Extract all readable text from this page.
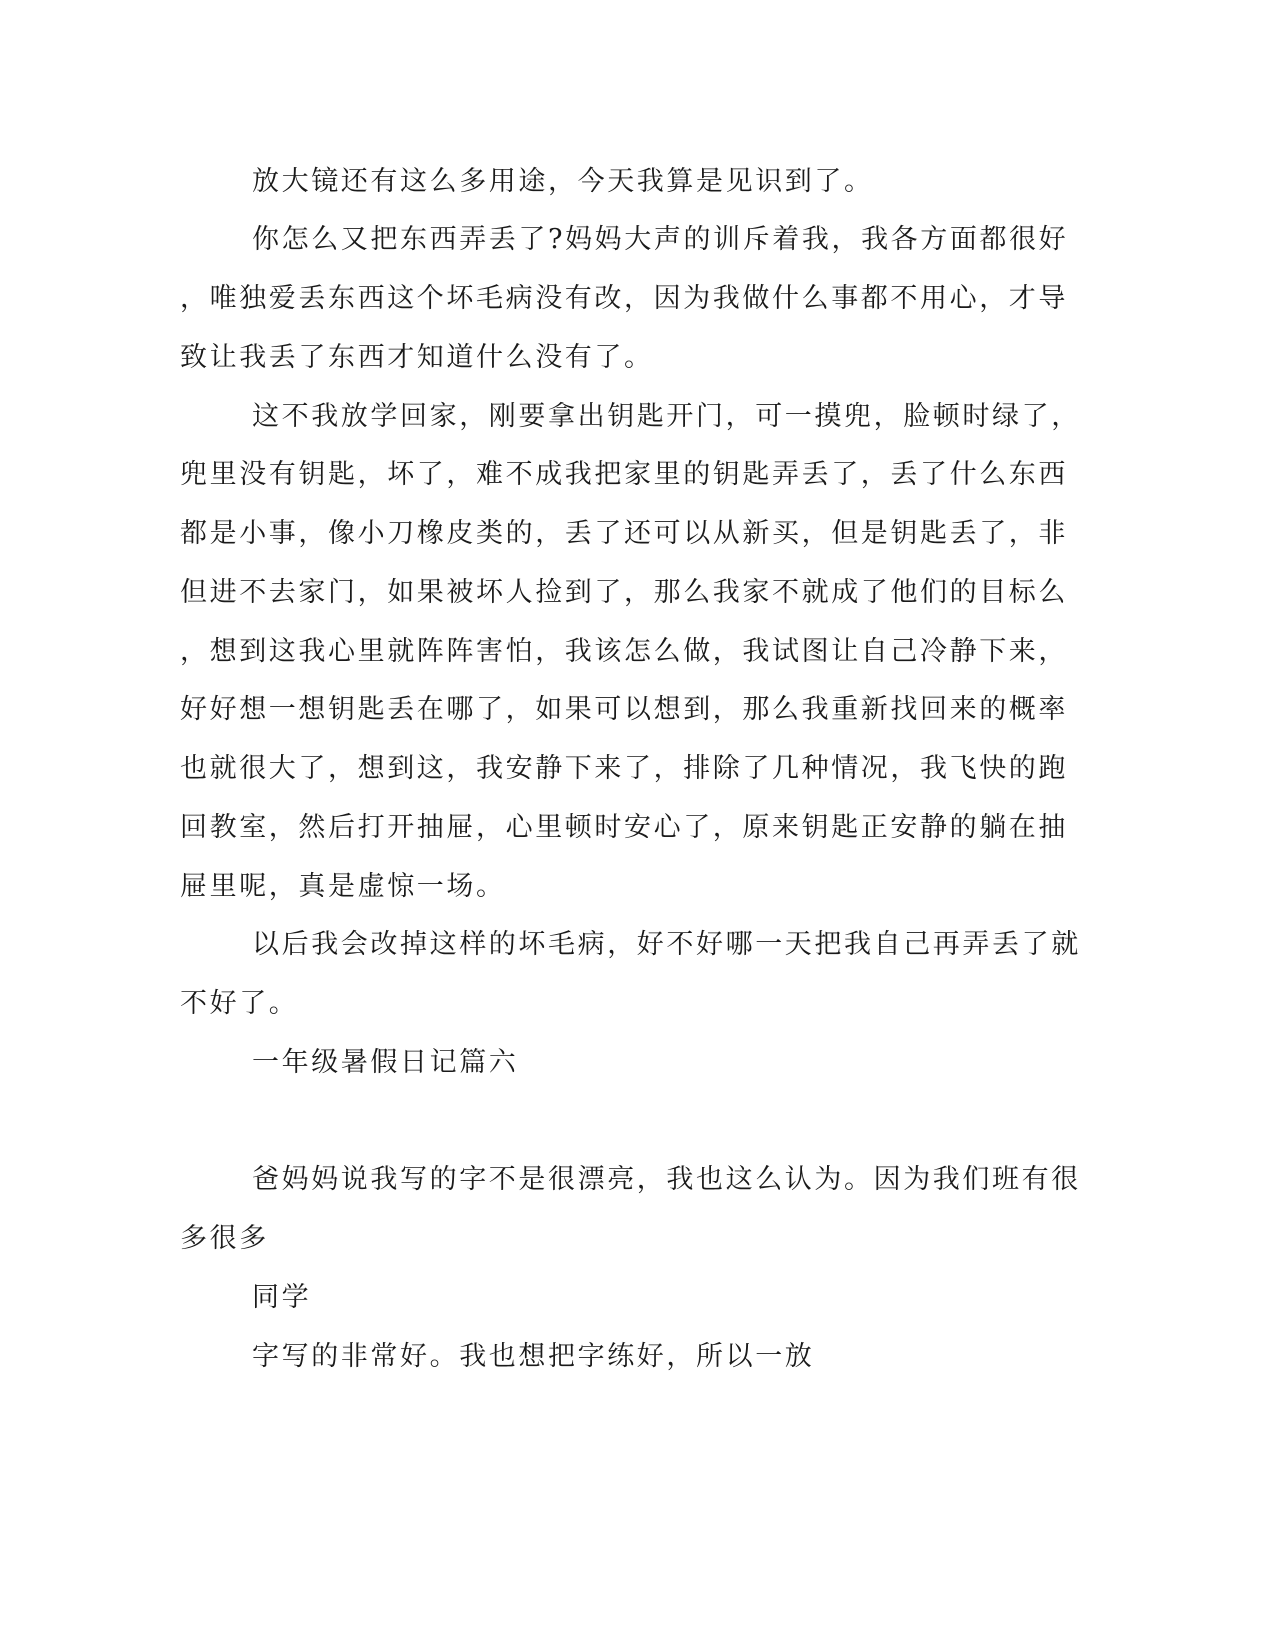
放大镜还有这么多用途，今天我算是见识到了。
你怎么又把东西弄丢了?妈妈大声的训斥着我，我各方面都很好
，唯独爱丢东西这个坏毛病没有改，因为我做什么事都不用心，才导
致让我丢了东西才知道什么没有了。
这不我放学回家，刚要拿出钥匙开门，可一摸兜，脸顿时绿了，
兜里没有钥匙，坏了，难不成我把家里的钥匙弄丢了，丢了什么东西
都是小事，像小刀橡皮类的，丢了还可以从新买，但是钥匙丢了，非
但进不去家门，如果被坏人捡到了，那么我家不就成了他们的目标么
，想到这我心里就阵阵害怕，我该怎么做，我试图让自己冷静下来，
好好想一想钥匙丢在哪了，如果可以想到，那么我重新找回来的概率
也就很大了，想到这，我安静下来了，排除了几种情况，我飞快的跑
回教室，然后打开抽屉，心里顿时安心了，原来钥匙正安静的躺在抽
屉里呢，真是虚惊一场。
以后我会改掉这样的坏毛病，好不好哪一天把我自己再弄丢了就
不好了。
一年级暑假日记篇六
爸妈妈说我写的字不是很漂亮，我也这么认为。因为我们班有很
多很多
同学
字写的非常好。我也想把字练好，所以一放
